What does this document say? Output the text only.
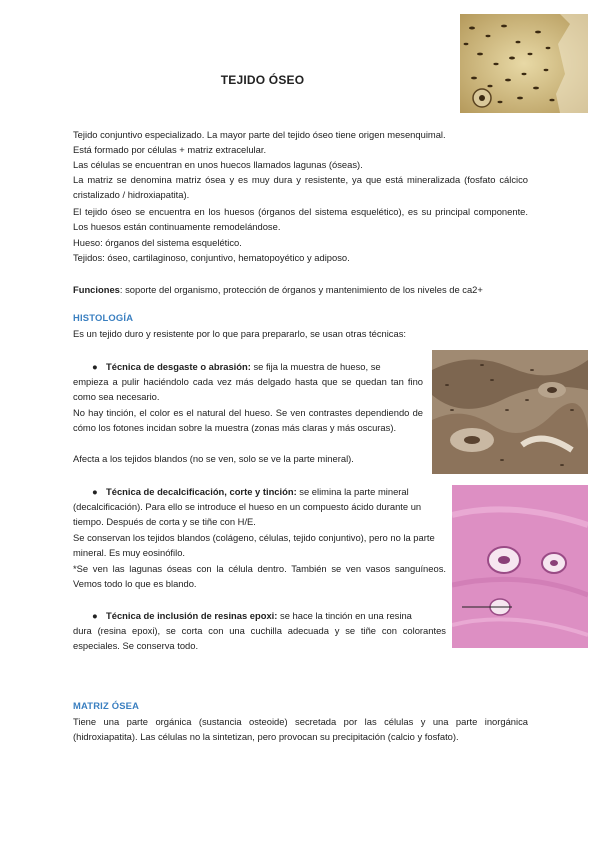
TEJIDO ÓSEO

Tejido conjuntivo especializado. La mayor parte del tejido óseo tiene origen mesenquimal.

Está formado por células + matriz extracelular.

Las células se encuentran en unos huecos llamados lagunas (óseas).

La matriz se denomina matriz ósea y es muy dura y resistente, ya que está mineralizada (fosfato cálcico cristalizado / hidroxiapatita).

El tejido óseo se encuentra en los huesos (órganos del sistema esquelético), es su principal componente. Los huesos están continuamente remodelándose.

Hueso: órganos del sistema esquelético.

Tejidos: óseo, cartilaginoso, conjuntivo, hematopoyético y adiposo.

Funciones: soporte del organismo, protección de órganos y mantenimiento de los niveles de ca2+

HISTOLOGÍA

Es un tejido duro y resistente por lo que para prepararlo, se usan otras técnicas:

● Técnica de desgaste o abrasión: se fija la muestra de hueso, se

empieza a pulir haciéndolo cada vez más delgado hasta que se quedan tan fino como sea necesario.

No hay tinción, el color es el natural del hueso. Se ven contrastes dependiendo de cómo los fotones incidan sobre la muestra (zonas más claras y más oscuras).

Afecta a los tejidos blandos (no se ven, solo se ve la parte mineral).

● Técnica de decalcificación, corte y tinción: se elimina la parte mineral

(decalcificación). Para ello se introduce el hueso en un compuesto ácido durante un tiempo. Después de corta y se tiñe con H/E.

Se conservan los tejidos blandos (colágeno, células, tejido conjuntivo), pero no la parte mineral. Es muy eosinófilo.

*Se ven las lagunas óseas con la célula dentro. También se ven vasos sanguíneos. Vemos todo lo que es blando.

● Técnica de inclusión de resinas epoxi: se hace la tinción en una resina

dura (resina epoxi), se corta con una cuchilla adecuada y se tiñe con colorantes especiales. Se conserva todo.

MATRIZ ÓSEA

Tiene una parte orgánica (sustancia osteoide) secretada por las células y una parte inorgánica (hidroxiapatita). Las células no la sintetizan, pero provocan su precipitación (calcio y fosfato).
